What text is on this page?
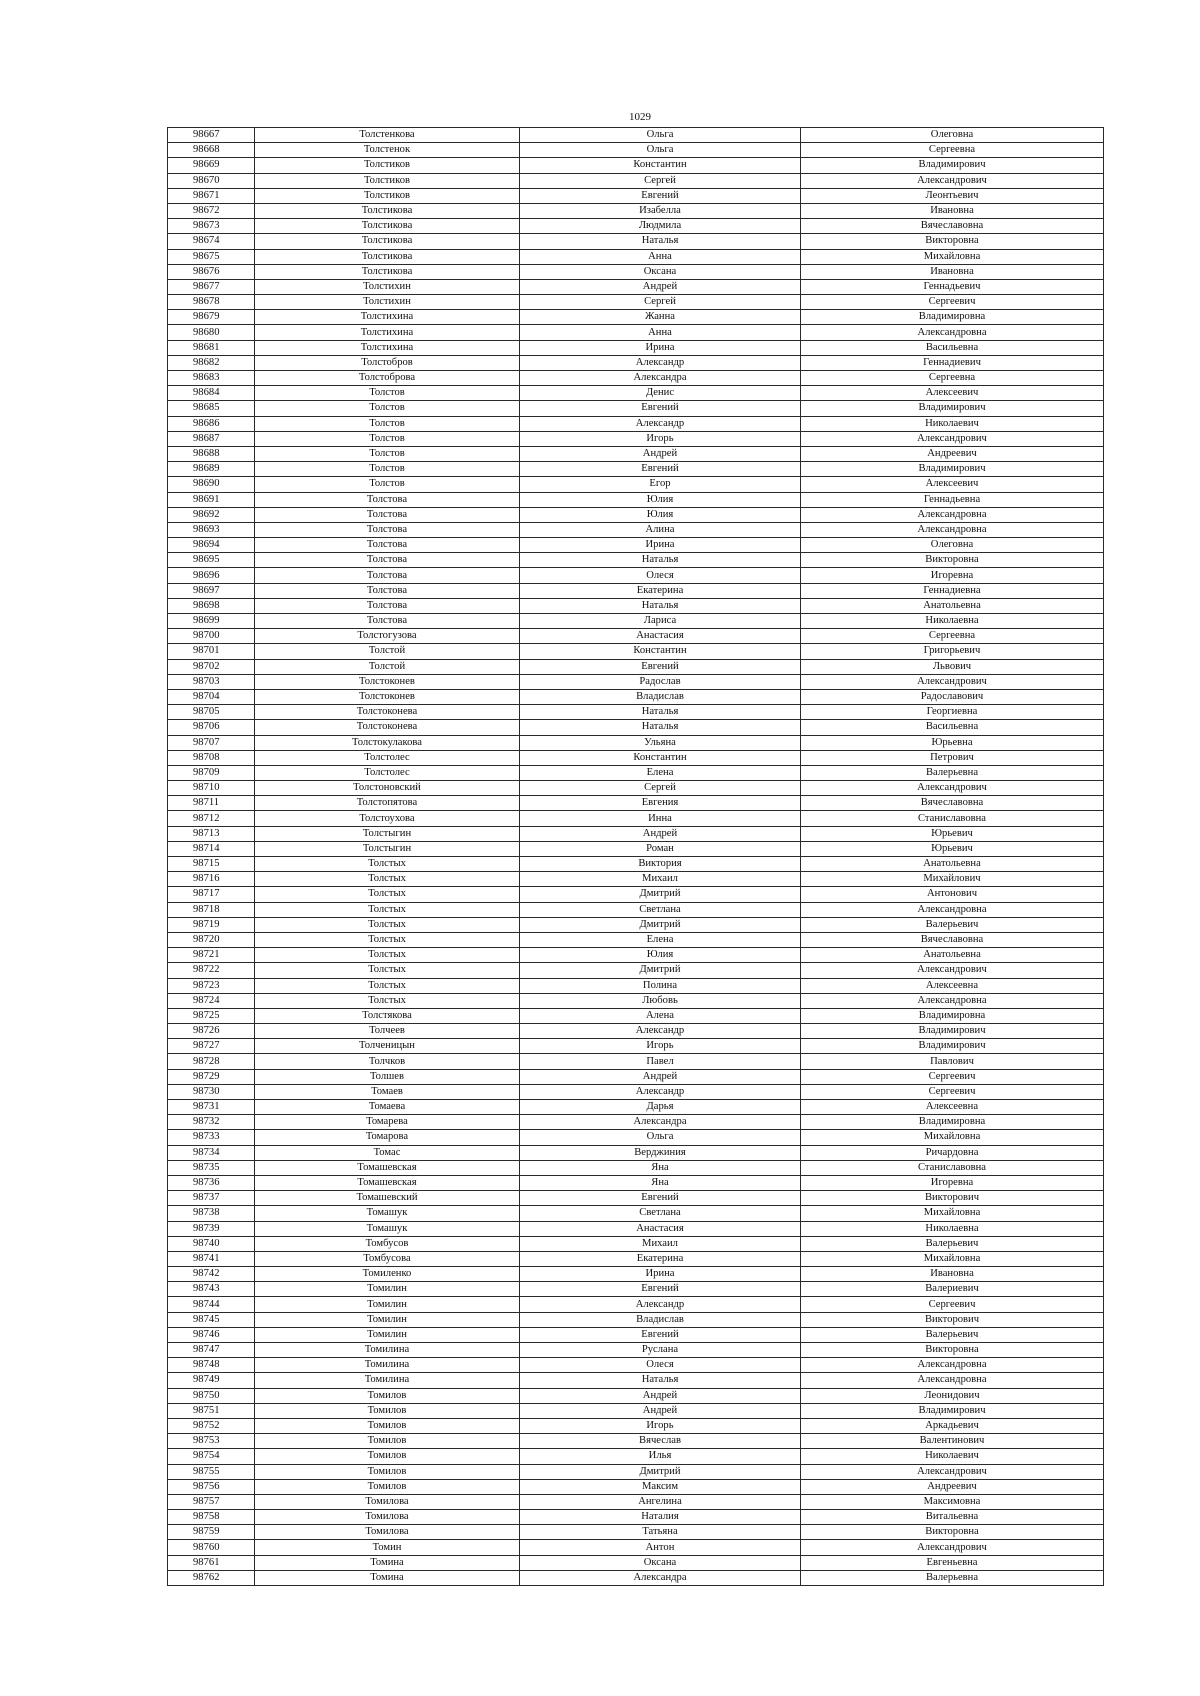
1029
98667	Толстенкова	Ольга	Олеговна
98668	Толстенок	Ольга	Сергеевна
98669	Толстиков	Константин	Владимирович
98670	Толстиков	Сергей	Александрович
98671	Толстиков	Евгений	Леонтьевич
98672	Толстикова	Изабелла	Ивановна
98673	Толстикова	Людмила	Вячеславовна
98674	Толстикова	Наталья	Викторовна
98675	Толстикова	Анна	Михайловна
98676	Толстикова	Оксана	Ивановна
98677	Толстихин	Андрей	Геннадьевич
98678	Толстихин	Сергей	Сергеевич
98679	Толстихина	Жанна	Владимировна
98680	Толстихина	Анна	Александровна
98681	Толстихина	Ирина	Васильевна
98682	Толстобров	Александр	Геннадиевич
98683	Толстоброва	Александра	Сергеевна
98684	Толстов	Денис	Алексеевич
98685	Толстов	Евгений	Владимирович
98686	Толстов	Александр	Николаевич
98687	Толстов	Игорь	Александрович
98688	Толстов	Андрей	Андреевич
98689	Толстов	Евгений	Владимирович
98690	Толстов	Егор	Алексеевич
98691	Толстова	Юлия	Геннадьевна
98692	Толстова	Юлия	Александровна
98693	Толстова	Алина	Александровна
98694	Толстова	Ирина	Олеговна
98695	Толстова	Наталья	Викторовна
98696	Толстова	Олеся	Игоревна
98697	Толстова	Екатерина	Геннадиевна
98698	Толстова	Наталья	Анатольевна
98699	Толстова	Лариса	Николаевна
98700	Толстогузова	Анастасия	Сергеевна
98701	Толстой	Константин	Григорьевич
98702	Толстой	Евгений	Львович
98703	Толстоконев	Радослав	Александрович
98704	Толстоконев	Владислав	Радославович
98705	Толстоконева	Наталья	Георгиевна
98706	Толстоконева	Наталья	Васильевна
98707	Толстокулакова	Ульяна	Юрьевна
98708	Толстолес	Константин	Петрович
98709	Толстолес	Елена	Валерьевна
98710	Толстоновский	Сергей	Александрович
98711	Толстопятова	Евгения	Вячеславовна
98712	Толстоухова	Инна	Станиславовна
98713	Толстыгин	Андрей	Юрьевич
98714	Толстыгин	Роман	Юрьевич
98715	Толстых	Виктория	Анатольевна
98716	Толстых	Михаил	Михайлович
98717	Толстых	Дмитрий	Антонович
98718	Толстых	Светлана	Александровна
98719	Толстых	Дмитрий	Валерьевич
98720	Толстых	Елена	Вячеславовна
98721	Толстых	Юлия	Анатольевна
98722	Толстых	Дмитрий	Александрович
98723	Толстых	Полина	Алексеевна
98724	Толстых	Любовь	Александровна
98725	Толстякова	Алена	Владимировна
98726	Толчеев	Александр	Владимирович
98727	Толченицын	Игорь	Владимирович
98728	Толчков	Павел	Павлович
98729	Толшев	Андрей	Сергеевич
98730	Томаев	Александр	Сергеевич
98731	Томаева	Дарья	Алексеевна
98732	Томарева	Александра	Владимировна
98733	Томарова	Ольга	Михайловна
98734	Томас	Верджиния	Ричардовна
98735	Томашевская	Яна	Станиславовна
98736	Томашевская	Яна	Игоревна
98737	Томашевский	Евгений	Викторович
98738	Томашук	Светлана	Михайловна
98739	Томашук	Анастасия	Николаевна
98740	Томбусов	Михаил	Валерьевич
98741	Томбусова	Екатерина	Михайловна
98742	Томиленко	Ирина	Ивановна
98743	Томилин	Евгений	Валериевич
98744	Томилин	Александр	Сергеевич
98745	Томилин	Владислав	Викторович
98746	Томилин	Евгений	Валерьевич
98747	Томилина	Руслана	Викторовна
98748	Томилина	Олеся	Александровна
98749	Томилина	Наталья	Александровна
98750	Томилов	Андрей	Леонидович
98751	Томилов	Андрей	Владимирович
98752	Томилов	Игорь	Аркадьевич
98753	Томилов	Вячеслав	Валентинович
98754	Томилов	Илья	Николаевич
98755	Томилов	Дмитрий	Александрович
98756	Томилов	Максим	Андреевич
98757	Томилова	Ангелина	Максимовна
98758	Томилова	Наталия	Витальевна
98759	Томилова	Татьяна	Викторовна
98760	Томин	Антон	Александрович
98761	Томина	Оксана	Евгеньевна
98762	Томина	Александра	Валерьевна
